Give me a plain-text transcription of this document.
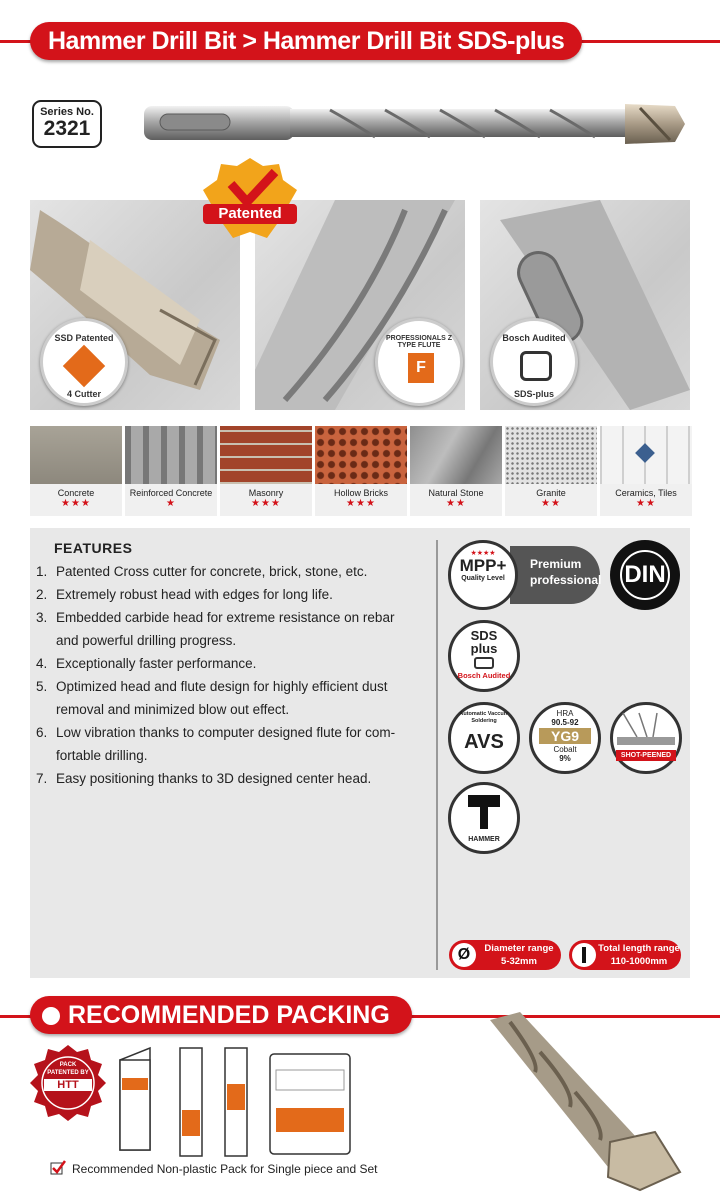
Hammer Drill Bit > Hammer Drill Bit SDS-plus
Series No.
2321
SSD Patented
4 Cutter
PROFESSIONALS Z TYPE FLUTE
F
Bosch Audited
SDS-plus
Patented
Concrete
★★★
Reinforced Concrete
★
Masonry
★★★
Hollow Bricks
★★★
Natural Stone
★★
Granite
★★
Ceramics, Tiles
★★
FEATURES
1. Patented Cross cutter for concrete, brick, stone, etc.
2. Extremely robust head with edges for long life.
3. Embedded carbide head for extreme resistance on rebar
and powerful drilling progress.
4. Exceptionally faster performance.
5. Optimized head and flute design for highly efficient dust
removal and minimized blow out effect.
6. Low vibration thanks to computer designed flute for com-
fortable drilling.
7. Easy positioning thanks to 3D designed center head.
Premium
professional
★★★★
MPP+
Quality Level	DIN
SDS
plus
Bosch Audited
Automatic Vaccum Soldering
AVS
HRA
90.5-92
YG9
Cobalt
9%	SHOT-PEENED
HAMMER
Ø	Diameter range
5-32mm
Total length range
110-1000mm
RECOMMENDED PACKING
PACK
PATENTED BY
HTT
Recommended Non-plastic Pack for Single piece and Set
